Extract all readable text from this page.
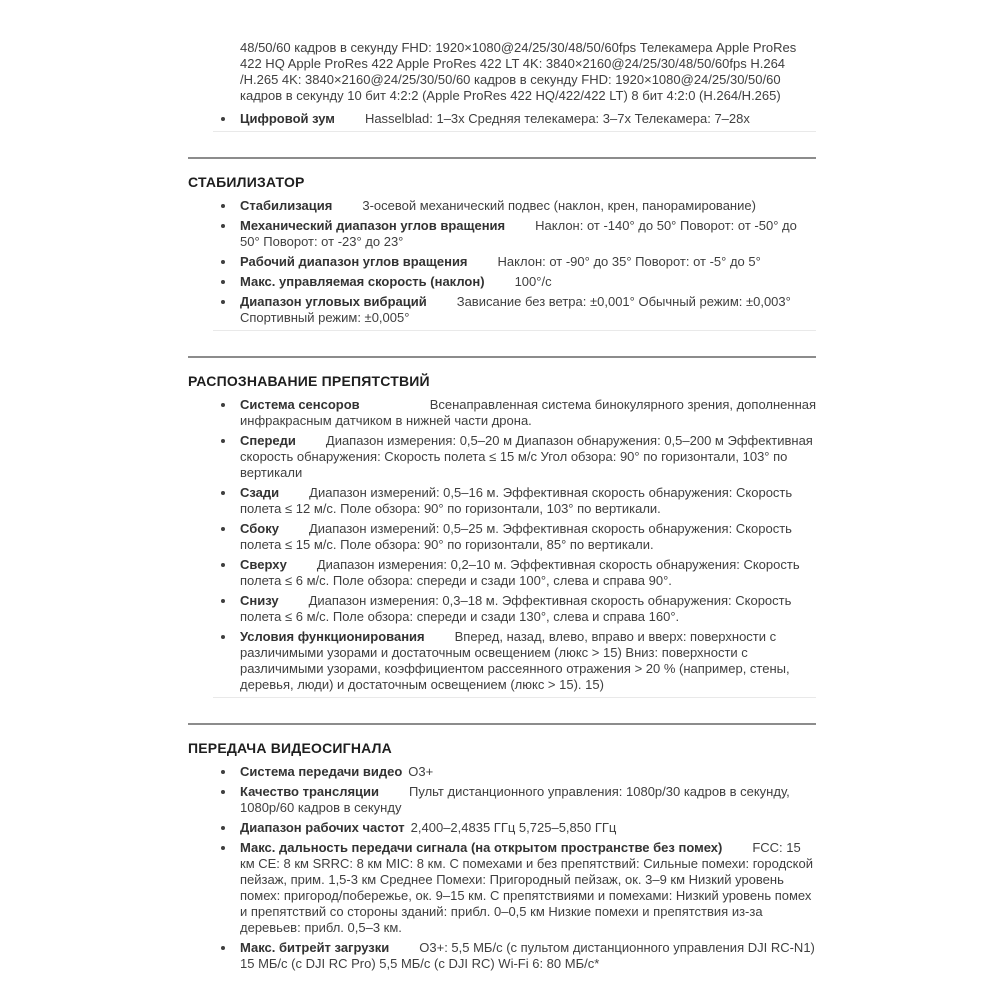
48/50/60 кадров в секунду FHD: 1920×1080@24/25/30/48/50/60fps Телекамера Apple ProRes 422 HQ Apple ProRes 422 Apple ProRes 422 LT 4K: 3840×2160@24/25/30/48/50/60fps H.264 /H.265 4K: 3840×2160@24/25/30/50/60 кадров в секунду FHD: 1920×1080@24/25/30/50/60 кадров в секунду 10 бит 4:2:2 (Apple ProRes 422 HQ/422/422 LT) 8 бит 4:2:0 (H.264/H.265)

Цифровой зум Hasselblad: 1–3x Средняя телекамера: 3–7x Телекамера: 7–28x
СТАБИЛИЗАТОР
Стабилизация 3-осевой механический подвес (наклон, крен, панорамирование)
Механический диапазон углов вращения Наклон: от -140° до 50° Поворот: от -50° до 50° Поворот: от -23° до 23°
Рабочий диапазон углов вращения Наклон: от -90° до 35° Поворот: от -5° до 5°
Макс. управляемая скорость (наклон) 100°/с
Диапазон угловых вибраций Зависание без ветра: ±0,001° Обычный режим: ±0,003° Спортивный режим: ±0,005°
РАСПОЗНАВАНИЕ ПРЕПЯТСТВИЙ
Система сенсоров	Всенаправленная система бинокулярного зрения, дополненная инфракрасным датчиком в нижней части дрона.
Спереди Диапазон измерения: 0,5–20 м Диапазон обнаружения: 0,5–200 м Эффективная скорость обнаружения: Скорость полета ≤ 15 м/с Угол обзора: 90° по горизонтали, 103° по вертикали
Сзади Диапазон измерений: 0,5–16 м. Эффективная скорость обнаружения: Скорость полета ≤ 12 м/с. Поле обзора: 90° по горизонтали, 103° по вертикали.
Сбоку Диапазон измерений: 0,5–25 м. Эффективная скорость обнаружения: Скорость полета ≤ 15 м/с. Поле обзора: 90° по горизонтали, 85° по вертикали.
Сверху Диапазон измерения: 0,2–10 м. Эффективная скорость обнаружения: Скорость полета ≤ 6 м/с. Поле обзора: спереди и сзади 100°, слева и справа 90°.
Снизу Диапазон измерения: 0,3–18 м. Эффективная скорость обнаружения: Скорость полета ≤ 6 м/с. Поле обзора: спереди и сзади 130°, слева и справа 160°.
Условия функционирования Вперед, назад, влево, вправо и вверх: поверхности с различимыми узорами и достаточным освещением (люкс > 15) Вниз: поверхности с различимыми узорами, коэффициентом рассеянного отражения > 20 % (например, стены, деревья, люди) и достаточным освещением (люкс > 15). 15)
ПЕРЕДАЧА ВИДЕОСИГНАЛА
Система передачи видео O3+
Качество трансляции Пульт дистанционного управления: 1080p/30 кадров в секунду, 1080p/60 кадров в секунду
Диапазон рабочих частот 2,400–2,4835 ГГц 5,725–5,850 ГГц
Макс. дальность передачи сигнала (на открытом пространстве без помех) FCC: 15 км CE: 8 км SRRC: 8 км MIC: 8 км. С помехами и без препятствий: Сильные помехи: городской пейзаж, прим. 1,5-3 км Среднее Помехи: Пригородный пейзаж, ок. 3–9 км Низкий уровень помех: пригород/побережье, ок. 9–15 км. С препятствиями и помехами: Низкий уровень помех и препятствий со стороны зданий: прибл. 0–0,5 км Низкие помехи и препятствия из-за деревьев: прибл. 0,5–3 км.
Макс. битрейт загрузки O3+: 5,5 МБ/с (с пультом дистанционного управления DJI RC-N1) 15 МБ/с (с DJI RC Pro) 5,5 МБ/с (с DJI RC) Wi-Fi 6: 80 МБ/с*
